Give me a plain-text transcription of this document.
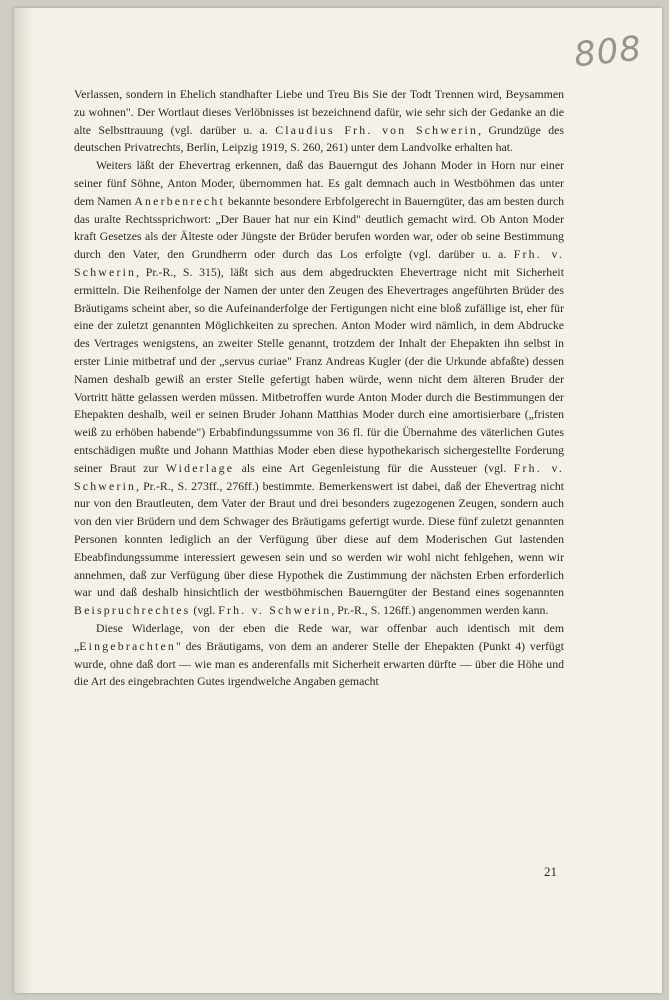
808

Verlassen, sondern in Ehelich standhafter Liebe und Treu Bis Sie der Todt Trennen wird, Beysammen zu wohnen". Der Wortlaut dieses Verlöbnisses ist bezeichnend dafür, wie sehr sich der Gedanke an die alte Selbsttrauung (vgl. darüber u. a. Claudius Frh. von Schwerin, Grundzüge des deutschen Privatrechts, Berlin, Leipzig 1919, S. 260, 261) unter dem Landvolke erhalten hat.

Weiters läßt der Ehevertrag erkennen, daß das Bauerngut des Johann Moder in Horn nur einer seiner fünf Söhne, Anton Moder, übernommen hat. Es galt demnach auch in Westböhmen das unter dem Namen Anerbenrecht bekannte besondere Erbfolgerecht in Bauerngüter, das am besten durch das uralte Rechtssprichwort: „Der Bauer hat nur ein Kind" deutlich gemacht wird. Ob Anton Moder kraft Gesetzes als der Älteste oder Jüngste der Brüder berufen worden war, oder ob seine Bestimmung durch den Vater, den Grundherrn oder durch das Los erfolgte (vgl. darüber u. a. Frh. v. Schwerin, Pr.-R., S. 315), läßt sich aus dem abgedruckten Ehevertrage nicht mit Sicherheit ermitteln. Die Reihenfolge der Namen der unter den Zeugen des Ehevertrages angeführten Brüder des Bräutigams scheint aber, so die Aufeinanderfolge der Fertigungen nicht eine bloß zufällige ist, eher für eine der zuletzt genannten Möglichkeiten zu sprechen. Anton Moder wird nämlich, in dem Abdrucke des Vertrages wenigstens, an zweiter Stelle genannt, trotzdem der Inhalt der Ehepakten ihn selbst in erster Linie mitbetraf und der „servus curiae" Franz Andreas Kugler (der die Urkunde abfaßte) dessen Namen deshalb gewiß an erster Stelle gefertigt haben würde, wenn nicht dem älteren Bruder der Vortritt hätte gelassen werden müssen. Mitbetroffen wurde Anton Moder durch die Bestimmungen der Ehepakten deshalb, weil er seinen Bruder Johann Matthias Moder durch eine amortisierbare („fristen weiß zu erhöben habende") Erbabfindungssumme von 36 fl. für die Übernahme des väterlichen Gutes entschädigen mußte und Johann Matthias Moder eben diese hypothekarisch sichergestellte Forderung seiner Braut zur Widerlage als eine Art Gegenleistung für die Aussteuer (vgl. Frh. v. Schwerin, Pr.-R., S. 273ff., 276ff.) bestimmte. Bemerkenswert ist dabei, daß der Ehevertrag nicht nur von den Brautleuten, dem Vater der Braut und drei besonders zugezogenen Zeugen, sondern auch von den vier Brüdern und dem Schwager des Bräutigams gefertigt wurde. Diese fünf zuletzt genannten Personen konnten lediglich an der Verfügung über diese auf dem Moderischen Gut lastenden Ebeabfindungssumme interessiert gewesen sein und so werden wir wohl nicht fehlgehen, wenn wir annehmen, daß zur Verfügung über diese Hypothek die Zustimmung der nächsten Erben erforderlich war und daß deshalb hinsichtlich der westböhmischen Bauerngüter der Bestand eines sogenannten Beispruchrechtes (vgl. Frh. v. Schwerin, Pr.-R., S. 126ff.) angenommen werden kann.

Diese Widerlage, von der eben die Rede war, war offenbar auch identisch mit dem „Eingebrachten" des Bräutigams, von dem an anderer Stelle der Ehepakten (Punkt 4) verfügt wurde, ohne daß dort — wie man es anderenfalls mit Sicherheit erwarten dürfte — über die Höhe und die Art des eingebrachten Gutes irgendwelche Angaben gemacht

21
